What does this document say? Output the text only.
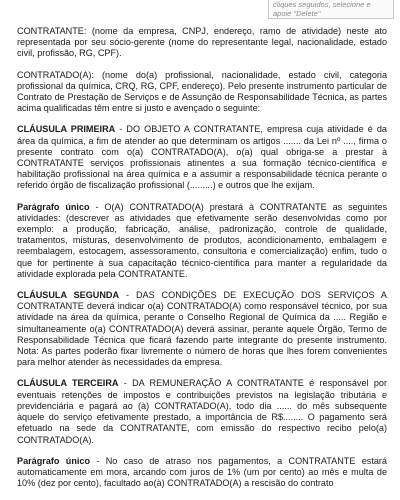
cliques seguidos, selecione e apoie "Delete"

CONTRATANTE: (nome da empresa, CNPJ, endereço, ramo de atividade) neste ato representada por seu sócio-gerente (nome do representante legal, nacionalidade, estado civil, profissão, RG, CPF).

CONTRATADO(A): (nome do(a) profissional, nacionalidade, estado civil, categoria profissional da química, CRQ, RG, CPF, endereço). Pelo presente instrumento particular de Contrato de Prestação de Serviços e de Assunção de Responsabilidade Técnica, as partes acima qualificadas têm entre si justo e avençado o seguinte:

CLÁUSULA PRIMEIRA - DO OBJETO A CONTRATANTE, empresa cuja atividade é da área da química, a fim de atender ao que determinam os artigos ....... da Lei nº ...., firma o presente contrato com o(a) CONTRATADO(A), o(a) qual obriga-se a prestar à CONTRATANTE serviços profissionais atinentes a sua formação técnico-científica e habilitação profissional na área química e a assumir a responsabilidade técnica perante o referido órgão de fiscalização profissional (.........) e outros que lhe exijam.

Parágrafo único - O(A) CONTRATADO(A) prestará à CONTRATANTE as seguintes atividades: (descrever as atividades que efetivamente serão desenvolvidas como por exemplo: a produção, fabricação, análise, padronização, controle de qualidade, tratamentos, misturas, desenvolvimento de produtos, acondicionamento, embalagem e reembalagem, estocagem, assessoramento, consultoria e comercialização) enfim, tudo o que for pertinente à sua capacitação técnico-científica para manter a regularidade da atividade explorada pela CONTRATANTE.

CLÁUSULA SEGUNDA - DAS CONDIÇÕES DE EXECUÇÃO DOS SERVIÇOS A CONTRATANTE deverá indicar o(a) CONTRATADO(A) como responsável técnico, por sua atividade na área da química, perante o Conselho Regional de Química da ..... Região e simultaneamente o(a) CONTRATADO(A) deverá assinar, perante aquele Órgão, Termo de Responsabilidade Técnica que ficará fazendo parte integrante do presente instrumento. Nota: As partes poderão fixar livremente o número de horas que lhes forem convenientes para melhor atender às necessidades da empresa.

CLÁUSULA TERCEIRA - DA REMUNERAÇÃO A CONTRATANTE é responsável por eventuais retenções de impostos e contribuições previstos na legislação tributária e previdenciária e pagará ao (à) CONTRATADO(A), todo dia ...... do mês subsequente àquele do serviço efetivamente prestado, a importância de R$........ O pagamento será efetuado na sede da CONTRATANTE, com emissão do respectivo recibo pelo(a) CONTRATADO(A).

Parágrafo único - No caso de atraso nos pagamentos, a CONTRATANTE estará automaticamente em mora, arcando com juros de 1% (um por cento) ao mês e multa de 10% (dez por cento), facultado ao(à) CONTRATADO(A) a rescisão do contrato
